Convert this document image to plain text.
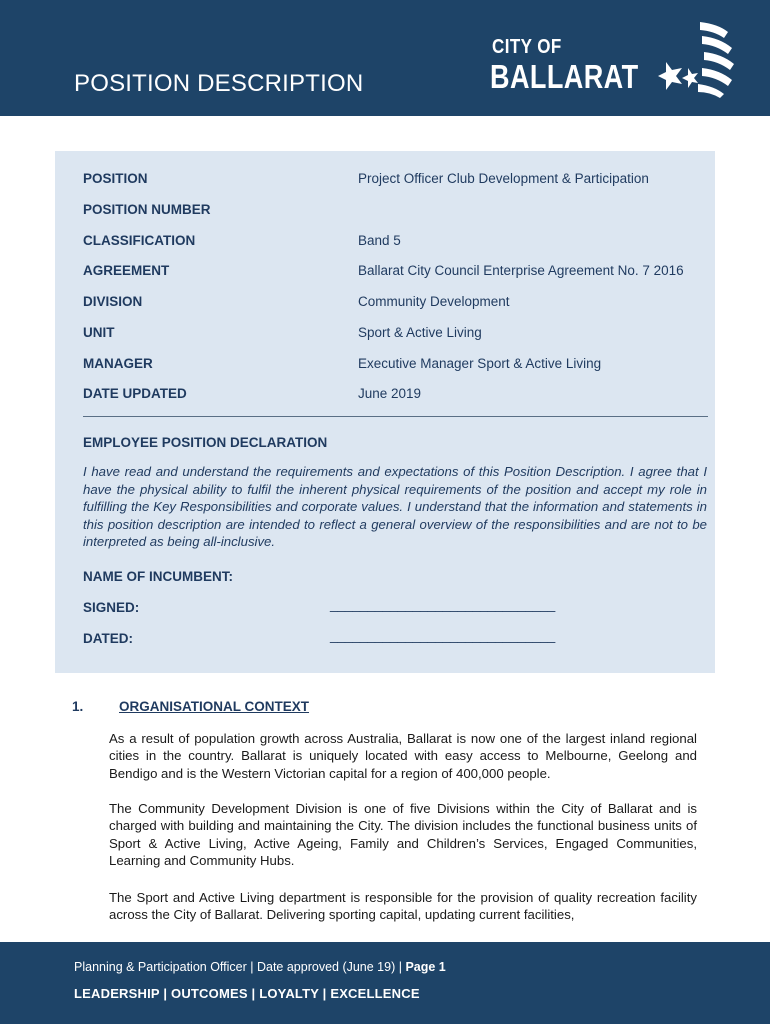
POSITION DESCRIPTION
CITY OF
BALLARAT
POSITION	Project Officer Club Development & Participation
POSITION NUMBER
CLASSIFICATION	Band 5
AGREEMENT	Ballarat City Council Enterprise Agreement No. 7 2016
DIVISION	Community Development
UNIT	Sport & Active Living
MANAGER	Executive Manager Sport & Active Living
DATE UPDATED	June 2019
EMPLOYEE POSITION DECLARATION
I have read and understand the requirements and expectations of this Position Description. I agree that I have the physical ability to fulfil the inherent physical requirements of the position and accept my role in fulfilling the Key Responsibilities and corporate values. I understand that the information and statements in this position description are intended to reflect a general overview of the responsibilities and are not to be interpreted as being all-inclusive.
NAME OF INCUMBENT:
SIGNED:	______________________________
DATED:	______________________________
1.	ORGANISATIONAL CONTEXT
As a result of population growth across Australia, Ballarat is now one of the largest inland regional cities in the country. Ballarat is uniquely located with easy access to Melbourne, Geelong and Bendigo and is the Western Victorian capital for a region of 400,000 people.
The Community Development Division is one of five Divisions within the City of Ballarat and is charged with building and maintaining the City. The division includes the functional business units of Sport & Active Living, Active Ageing, Family and Children’s Services, Engaged Communities, Learning and Community Hubs.
The Sport and Active Living department is responsible for the provision of quality recreation facility across the City of Ballarat. Delivering sporting capital, updating current facilities,
Planning & Participation Officer | Date approved (June 19) | Page 1
LEADERSHIP | OUTCOMES | LOYALTY | EXCELLENCE
